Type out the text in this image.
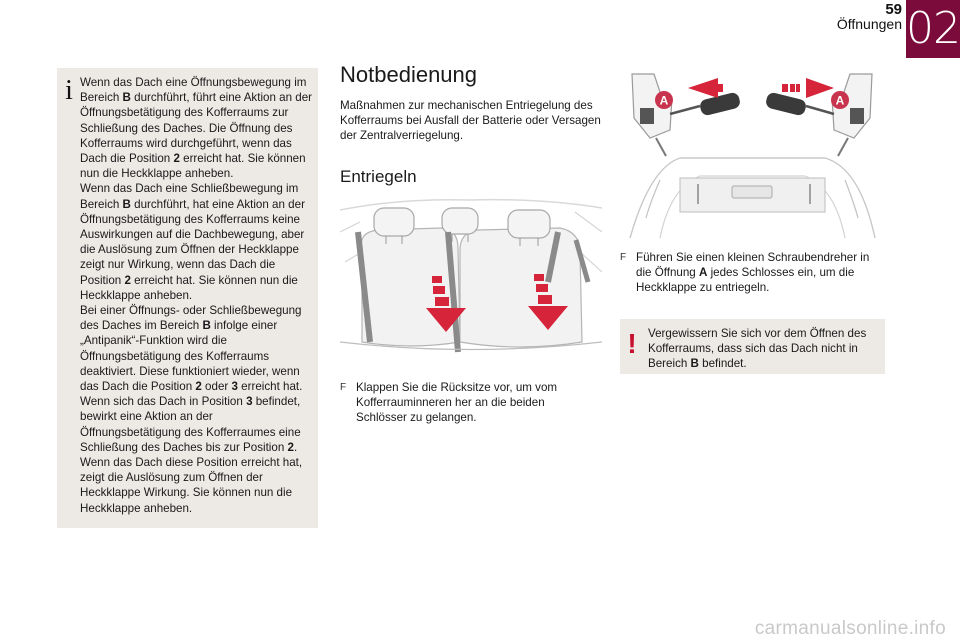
59
Öffnungen 02
i Wenn das Dach eine Öffnungsbewegung im Bereich B durchführt, führt eine Aktion an der Öffnungsbetätigung des Kofferraums zur Schließung des Daches. Die Öffnung des Kofferraums wird durchgeführt, wenn das Dach die Position 2 erreicht hat. Sie können nun die Heckklappe anheben.

Wenn das Dach eine Schließbewegung im Bereich B durchführt, hat eine Aktion an der Öffnungsbetätigung des Kofferraums keine Auswirkungen auf die Dachbewegung, aber die Auslösung zum Öffnen der Heckklappe zeigt nur Wirkung, wenn das Dach die Position 2 erreicht hat. Sie können nun die Heckklappe anheben.

Bei einer Öffnungs- oder Schließbewegung des Daches im Bereich B infolge einer „Antipanik“-Funktion wird die Öffnungsbetätigung des Kofferraums deaktiviert. Diese funktioniert wieder, wenn das Dach die Position 2 oder 3 erreicht hat.

Wenn sich das Dach in Position 3 befindet, bewirkt eine Aktion an der Öffnungsbetätigung des Kofferraumes eine Schließung des Daches bis zur Position 2. Wenn das Dach diese Position erreicht hat, zeigt die Auslösung zum Öffnen der Heckklappe Wirkung. Sie können nun die Heckklappe anheben.

Notbedienung
Maßnahmen zur mechanischen Entriegelung des Kofferraums bei Ausfall der Batterie oder Versagen der Zentralverriegelung.
Entriegeln
F Klappen Sie die Rücksitze vor, um vom Kofferrauminneren her an die beiden Schlösser zu gelangen.
A	A
F Führen Sie einen kleinen Schraubendreher in die Öffnung A jedes Schlosses ein, um die Heckklappe zu entriegeln.
! Vergewissern Sie sich vor dem Öffnen des Kofferraums, dass sich das Dach nicht in Bereich B befindet.
carmanualsonline.info
